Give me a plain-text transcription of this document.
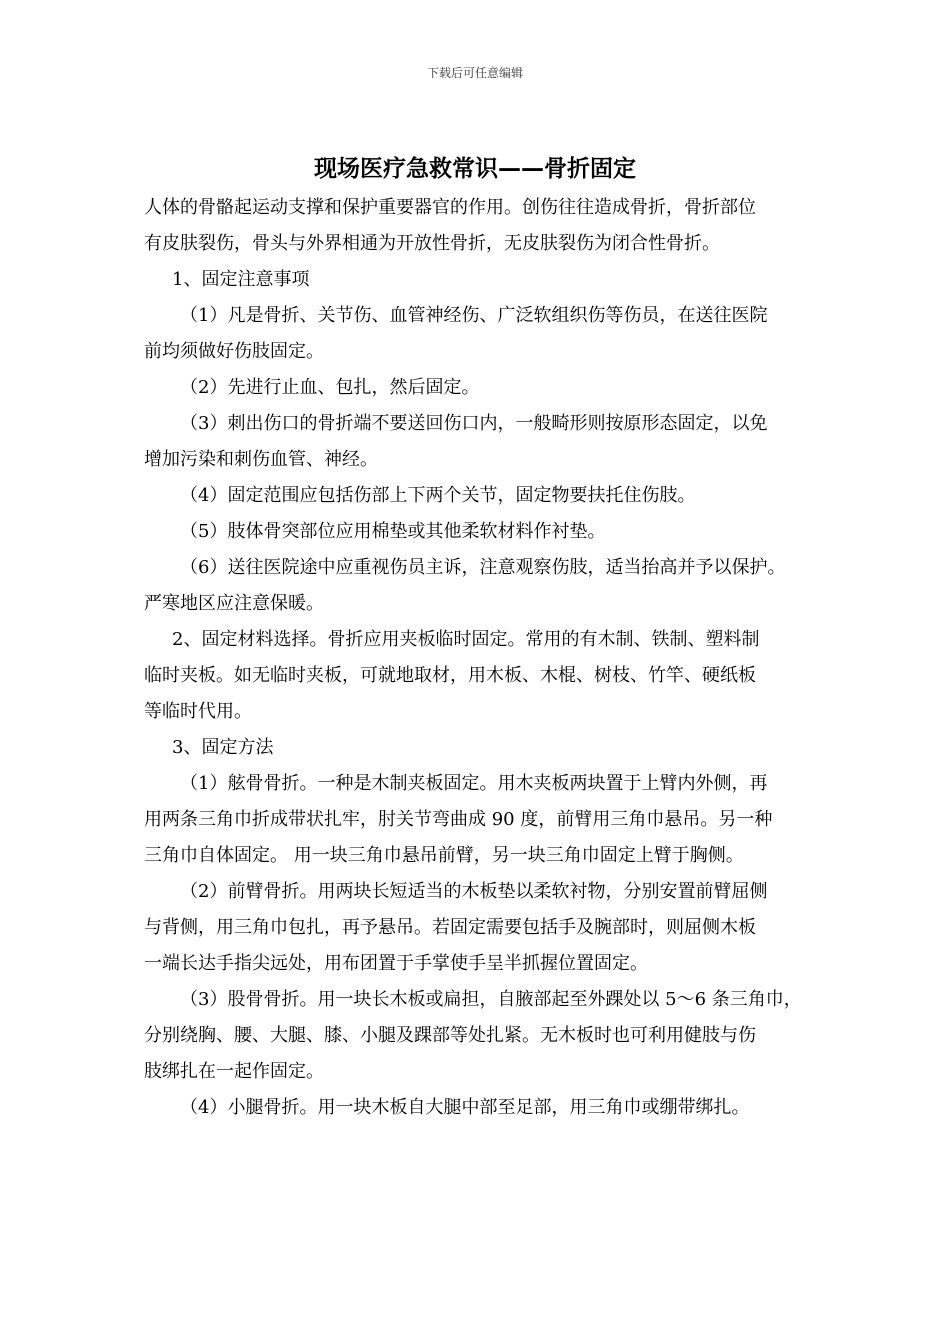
下载后可任意编辑
现场医疗急救常识——骨折固定

人体的骨骼起运动支撑和保护重要器官的作用。创伤往往造成骨折，骨折部位

有皮肤裂伤，骨头与外界相通为开放性骨折，无皮肤裂伤为闭合性骨折。

1、固定注意事项

（1）凡是骨折、关节伤、血管神经伤、广泛软组织伤等伤员，在送往医院

前均须做好伤肢固定。

（2）先进行止血、包扎，然后固定。

（3）刺出伤口的骨折端不要送回伤口内，一般畸形则按原形态固定，以免

增加污染和刺伤血管、神经。

（4）固定范围应包括伤部上下两个关节，固定物要扶托住伤肢。

（5）肢体骨突部位应用棉垫或其他柔软材料作衬垫。

（6）送往医院途中应重视伤员主诉，注意观察伤肢，适当抬高并予以保护。

严寒地区应注意保暖。

2、固定材料选择。骨折应用夹板临时固定。常用的有木制、铁制、塑料制

临时夹板。如无临时夹板，可就地取材，用木板、木棍、树枝、竹竿、硬纸板

等临时代用。

3、固定方法

（1）舷骨骨折。一种是木制夹板固定。用木夹板两块置于上臂内外侧，再

用两条三角巾折成带状扎牢，肘关节弯曲成 90 度，前臂用三角巾悬吊。另一种

三角巾自体固定。 用一块三角巾悬吊前臂，另一块三角巾固定上臂于胸侧。

（2）前臂骨折。用两块长短适当的木板垫以柔软衬物，分别安置前臂屈侧

与背侧，用三角巾包扎，再予悬吊。若固定需要包括手及腕部时，则屈侧木板

一端长达手指尖远处，用布团置于手掌使手呈半抓握位置固定。

（3）股骨骨折。用一块长木板或扁担，自腋部起至外踝处以 5～6 条三角巾，

分别绕胸、腰、大腿、膝、小腿及踝部等处扎紧。无木板时也可利用健肢与伤

肢绑扎在一起作固定。

（4）小腿骨折。用一块木板自大腿中部至足部，用三角巾或绷带绑扎。
